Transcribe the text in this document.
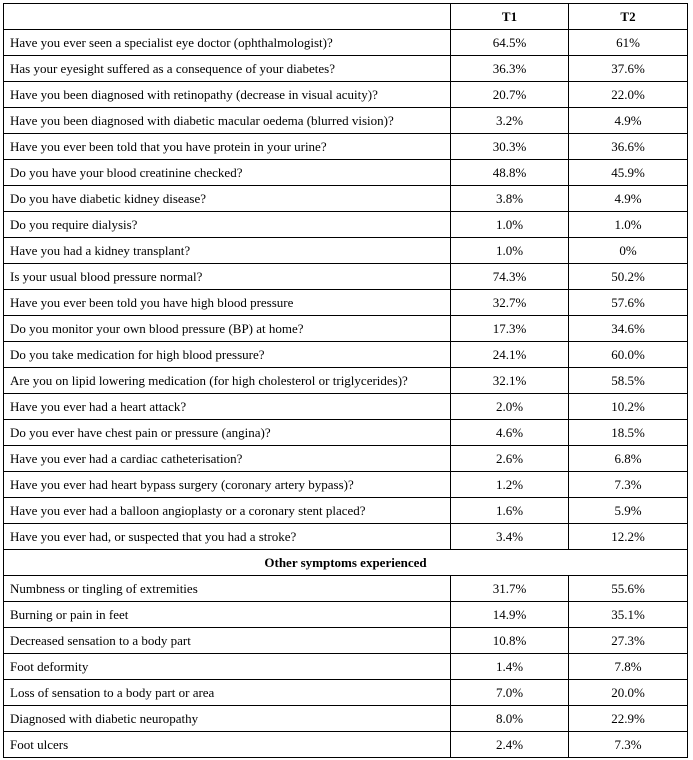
	T1	T2
Have you ever seen a specialist eye doctor (ophthalmologist)?	64.5%	61%
Has your eyesight suffered as a consequence of your diabetes?	36.3%	37.6%
Have you been diagnosed with retinopathy (decrease in visual acuity)?	20.7%	22.0%
Have you been diagnosed with diabetic macular oedema (blurred vision)?	3.2%	4.9%
Have you ever been told that you have protein in your urine?	30.3%	36.6%
Do you have your blood creatinine checked?	48.8%	45.9%
Do you have diabetic kidney disease?	3.8%	4.9%
Do you require dialysis?	1.0%	1.0%
Have you had a kidney transplant?	1.0%	0%
Is your usual blood pressure normal?	74.3%	50.2%
Have you ever been told you have high blood pressure	32.7%	57.6%
Do you monitor your own blood pressure (BP) at home?	17.3%	34.6%
Do you take medication for high blood pressure?	24.1%	60.0%
Are you on lipid lowering medication (for high cholesterol or triglycerides)?	32.1%	58.5%
Have you ever had a heart attack?	2.0%	10.2%
Do you ever have chest pain or pressure (angina)?	4.6%	18.5%
Have you ever had a cardiac catheterisation?	2.6%	6.8%
Have you ever had heart bypass surgery (coronary artery bypass)?	1.2%	7.3%
Have you ever had a balloon angioplasty or a coronary stent placed?	1.6%	5.9%
Have you ever had, or suspected that you had a stroke?	3.4%	12.2%
Other symptoms experienced		
Numbness or tingling of extremities	31.7%	55.6%
Burning or pain in feet	14.9%	35.1%
Decreased sensation to a body part	10.8%	27.3%
Foot deformity	1.4%	7.8%
Loss of sensation to a body part or area	7.0%	20.0%
Diagnosed with diabetic neuropathy	8.0%	22.9%
Foot ulcers	2.4%	7.3%
